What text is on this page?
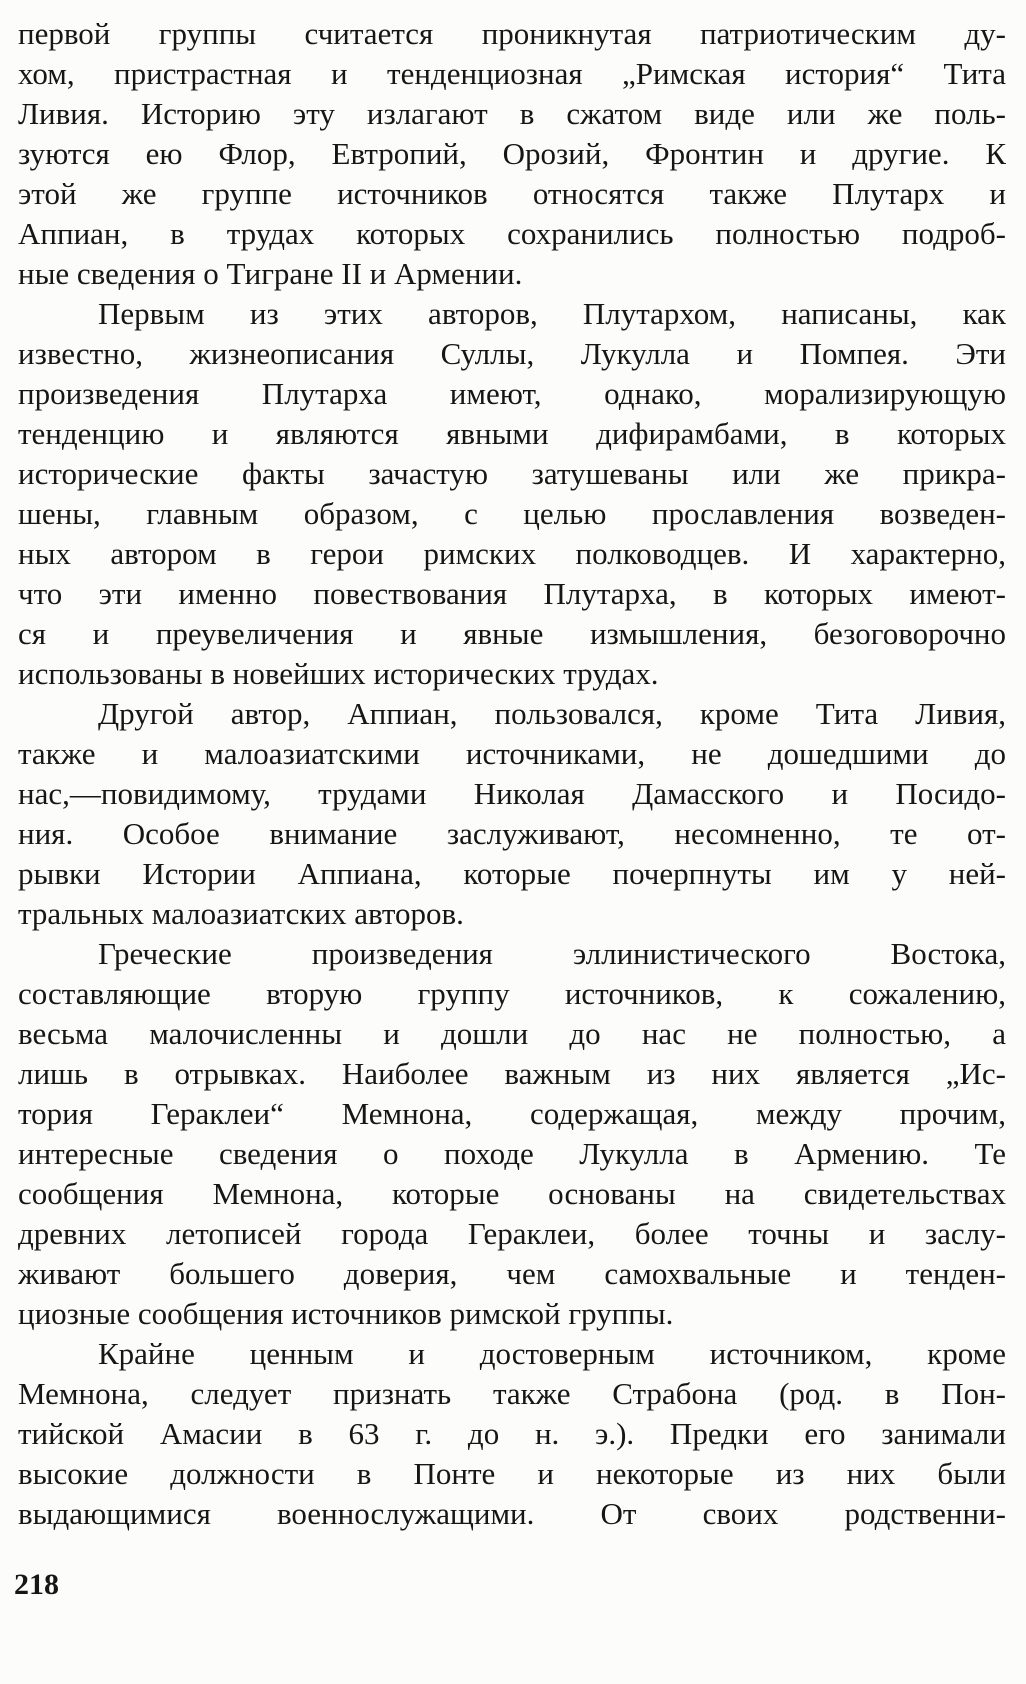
первой группы считается проникнутая патриотическим ду-
хом, пристрастная и тенденциозная „Римская история“ Тита
Ливия. Историю эту излагают в сжатом виде или же поль-
зуются ею Флор, Евтропий, Орозий, Фронтин и другие. К
этой же группе источников относятся также Плутарх и
Аппиан, в трудах которых сохранились полностью подроб-
ные сведения о Тигране II и Армении.
Первым из этих авторов, Плутархом, написаны, как
известно, жизнеописания Суллы, Лукулла и Помпея. Эти
произведения Плутарха имеют, однако, морализирующую
тенденцию и являются явными дифирамбами, в которых
исторические факты зачастую затушеваны или же прикра-
шены, главным образом, с целью прославления возведен-
ных автором в герои римских полководцев. И характерно,
что эти именно повествования Плутарха, в которых имеют-
ся и преувеличения и явные измышления, безоговорочно
использованы в новейших исторических трудах.
Другой автор, Аппиан, пользовался, кроме Тита Ливия,
также и малоазиатскими источниками, не дошедшими до
нас,—повидимому, трудами Николая Дамасского и Посидо-
ния. Особое внимание заслуживают, несомненно, те от-
рывки Истории Аппиана, которые почерпнуты им у ней-
тральных малоазиатских авторов.
Греческие произведения эллинистического Востока,
составляющие вторую группу источников, к сожалению,
весьма малочисленны и дошли до нас не полностью, а
лишь в отрывках. Наиболее важным из них является „Ис-
тория Гераклеи“ Мемнона, содержащая, между прочим,
интересные сведения о походе Лукулла в Армению. Те
сообщения Мемнона, которые основаны на свидетельствах
древних летописей города Гераклеи, более точны и заслу-
живают большего доверия, чем самохвальные и тенден-
циозные сообщения источников римской группы.
Крайне ценным и достоверным источником, кроме
Мемнона, следует признать также Страбона (род. в Пон-
тийской Амасии в 63 г. до н. э.). Предки его занимали
высокие должности в Понте и некоторые из них были
выдающимися военнослужащими. От своих родственни-
218
